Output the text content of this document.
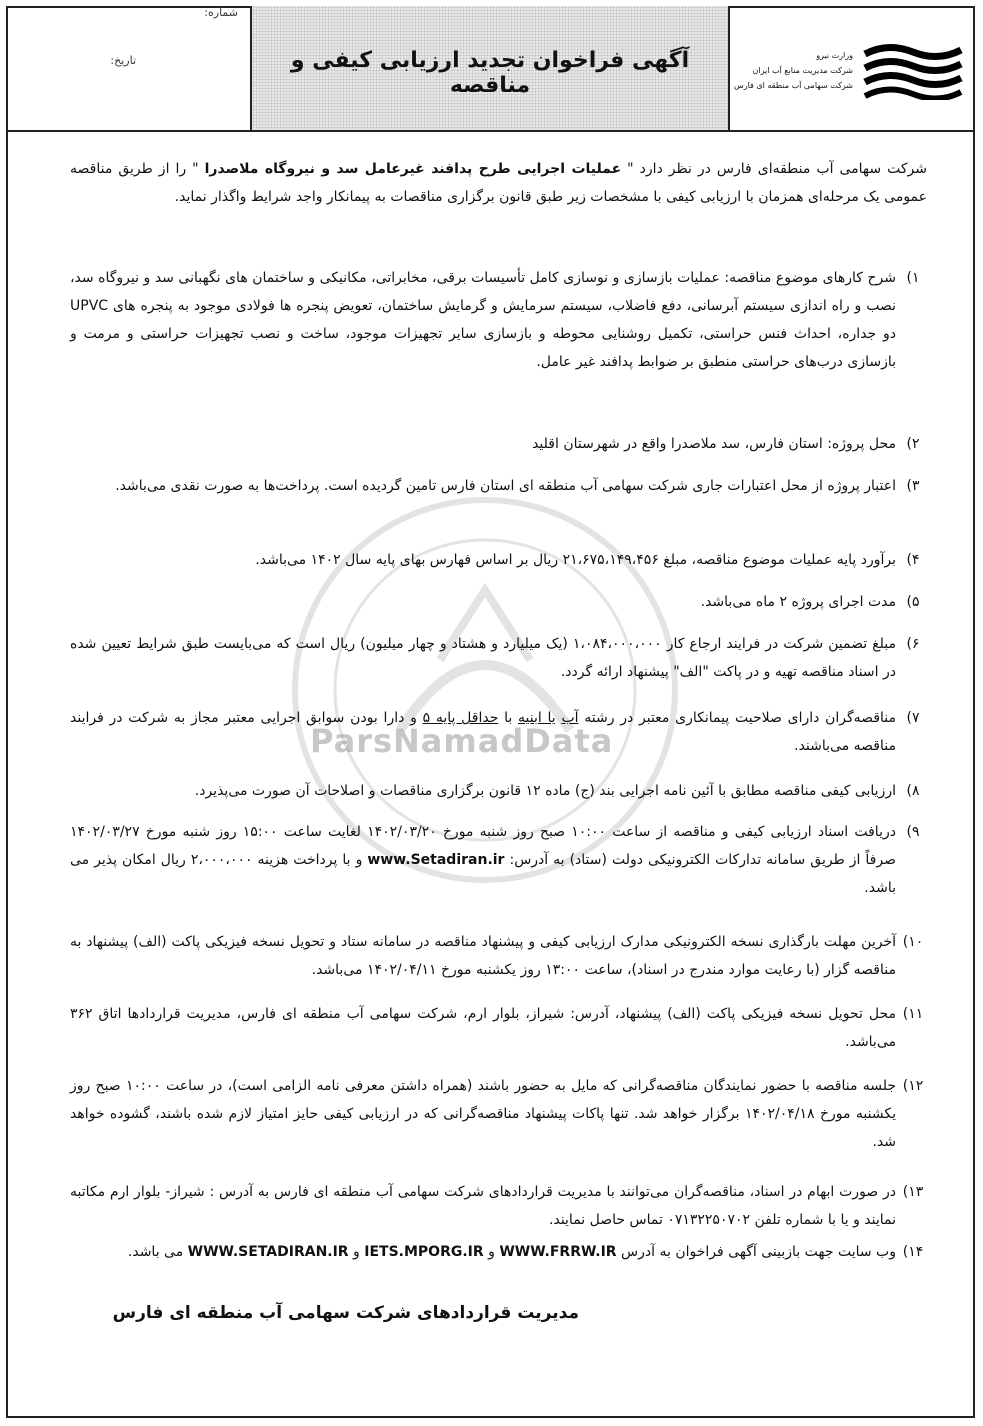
وزارت نیرو
شرکت مدیریت منابع آب ایران
شرکت سهامی آب منطقه ای فارس
آگهی فراخوان تجدید ارزیابی کیفی و مناقصه
شماره:
تاریخ:
ParsNamadData
شرکت سهامی آب منطقه‌ای فارس در نظر دارد " عملیات اجرایی طرح پدافند غیرعامل سد و نیروگاه ملاصدرا " را از طریق مناقصه عمومی یک مرحله‌ای همزمان با ارزیابی کیفی با مشخصات زیر طبق قانون برگزاری مناقصات به پیمانکار واجد شرایط واگذار نماید.
۱)
شرح کارهای موضوع مناقصه: عملیات بازسازی و نوسازی کامل تأسیسات برقی، مخابراتی، مکانیکی و ساختمان های نگهبانی سد و نیروگاه سد، نصب و راه اندازی سیستم آبرسانی، دفع فاضلاب، سیستم سرمایش و گرمایش ساختمان، تعویض پنجره ها فولادی موجود به پنجره های UPVC دو جداره، احداث فنس حراستی، تکمیل روشنایی محوطه و بازسازی سایر تجهیزات موجود، ساخت و نصب تجهیزات حراستی و مرمت و بازسازی درب‌های حراستی منطبق بر ضوابط پدافند غیر عامل.
۲)
محل پروژه: استان فارس، سد ملاصدرا واقع در شهرستان اقلید
۳)
اعتبار پروژه از محل اعتبارات جاری شرکت سهامی آب منطقه ای استان فارس تامین گردیده است. پرداخت‌ها به صورت نقدی می‌باشد.
۴)
برآورد پایه عملیات موضوع مناقصه، مبلغ ۲۱،۶۷۵،۱۴۹،۴۵۶ ریال بر اساس فهارس بهای پایه سال ۱۴۰۲ می‌باشد.
۵)
مدت اجرای پروژه ۲ ماه می‌باشد.
۶)
مبلغ تضمین شرکت در فرایند ارجاع کار ۱،۰۸۴،۰۰۰،۰۰۰ (یک میلیارد و هشتاد و چهار میلیون) ریال است که می‌بایست طبق شرایط تعیین شده در اسناد مناقصه تهیه و در پاکت "الف" پیشنهاد ارائه گردد.
۷)
مناقصه‌گران دارای صلاحیت پیمانکاری معتبر در رشته آب یا ابنیه با حداقل پایه ۵ و دارا بودن سوابق اجرایی معتبر مجاز به شرکت در فرایند مناقصه می‌باشند.
۸)
ارزیابی کیفی مناقصه مطابق با آئین نامه اجرایی بند (ج) ماده ۱۲ قانون برگزاری مناقصات و اصلاحات آن صورت می‌پذیرد.
۹)
دریافت اسناد ارزیابی کیفی و مناقصه از ساعت ۱۰:۰۰ صبح روز شنبه مورخ ۱۴۰۲/۰۳/۲۰ لغایت ساعت ۱۵:۰۰ روز شنبه مورخ ۱۴۰۲/۰۳/۲۷ صرفاً از طریق سامانه تدارکات الکترونیکی دولت (ستاد) به آدرس: www.Setadiran.ir و با پرداخت هزینه ۲،۰۰۰،۰۰۰ ریال امکان پذیر می باشد.
۱۰)
آخرین مهلت بارگذاری نسخه الکترونیکی مدارک ارزیابی کیفی و پیشنهاد مناقصه در سامانه ستاد و تحویل نسخه فیزیکی پاکت (الف) پیشنهاد به مناقصه گزار (با رعایت موارد مندرج در اسناد)، ساعت ۱۳:۰۰ روز یکشنبه مورخ ۱۴۰۲/۰۴/۱۱ می‌باشد.
۱۱)
محل تحویل نسخه فیزیکی پاکت (الف) پیشنهاد، آدرس: شیراز، بلوار ارم، شرکت سهامی آب منطقه ای فارس، مدیریت قراردادها اتاق ۳۶۲ می‌باشد.
۱۲)
جلسه مناقصه با حضور نمایندگان مناقصه‌گرانی که مایل به حضور باشند (همراه داشتن معرفی نامه الزامی است)، در ساعت ۱۰:۰۰ صبح روز یکشنبه مورخ ۱۴۰۲/۰۴/۱۸ برگزار خواهد شد. تنها پاکات پیشنهاد مناقصه‌گرانی که در ارزیابی کیفی حایز امتیاز لازم شده باشند، گشوده خواهد شد.
۱۳)
در صورت ابهام در اسناد، مناقصه‌گران می‌توانند با مدیریت قراردادهای شرکت سهامی آب منطقه ای فارس به آدرس : شیراز- بلوار ارم مکاتبه نمایند و یا با شماره تلفن ۰۷۱۳۲۲۵۰۷۰۲ تماس حاصل نمایند.
۱۴)
وب سایت جهت بازبینی آگهی فراخوان به آدرس WWW.FRRW.IR و IETS.MPORG.IR و WWW.SETADIRAN.IR می باشد.
مدیریت قراردادهای شرکت سهامی آب منطقه ای فارس
